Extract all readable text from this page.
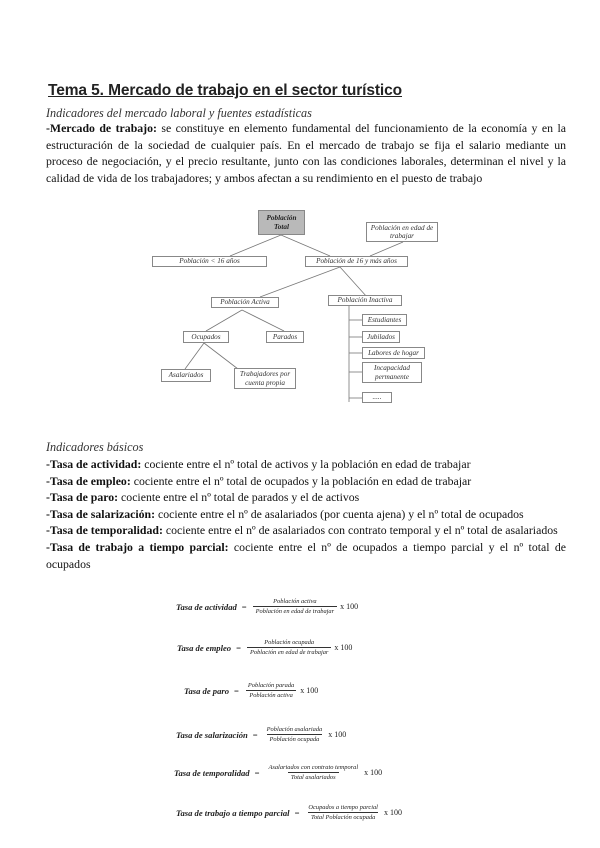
Tema 5. Mercado de trabajo en el sector turístico
Indicadores del mercado laboral y fuentes estadísticas
-Mercado de trabajo: se constituye en elemento fundamental del funcionamiento de la economía y en la estructuración de la sociedad de cualquier país. En el mercado de trabajo se fija el salario mediante un proceso de negociación, y el precio resultante, junto con las condiciones laborales, determinan el nivel y la calidad de vida de los trabajadores; y ambos afectan a su rendimiento en el puesto de trabajo
Población Total	Población en edad de trabajar
Población < 16 años	Población de 16 y más años
Población Activa	Población Inactiva
Ocupados	Parados
Asalariados	Trabajadores por cuenta propia
Estudiantes
Jubilados
Labores de hogar
Incapacidad permanente
.....
Indicadores básicos
-Tasa de actividad: cociente entre el nº total de activos y la población en edad de trabajar
-Tasa de empleo: cociente entre el nº total de ocupados y la población en edad de trabajar
-Tasa de paro: cociente entre el nº total de parados y el de activos
-Tasa de salarización: cociente entre el nº de asalariados (por cuenta ajena) y el nº total de ocupados
-Tasa de temporalidad: cociente entre el nº de asalariados con contrato temporal y el nº total de asalariados
-Tasa de trabajo a tiempo parcial: cociente entre el nº de ocupados a tiempo parcial y el nº total de ocupados
Tasa de actividad = $\frac{\text{Población activa}}{\text{Población en edad de trabajar}}$ x 100
Tasa de empleo = $\frac{\text{Población ocupada}}{\text{Población en edad de trabajar}}$ x 100
Tasa de paro = $\frac{\text{Población parada}}{\text{Población activa}}$ x 100
Tasa de salarización = $\frac{\text{Población asalariada}}{\text{Población ocupada}}$ x 100
Tasa de temporalidad = $\frac{\text{Asalariados con contrato temporal}}{\text{Total asalariados}}$ x 100
Tasa de trabajo a tiempo parcial = $\frac{\text{Ocupados a tiempo parcial}}{\text{Total Población ocupada}}$ x 100
